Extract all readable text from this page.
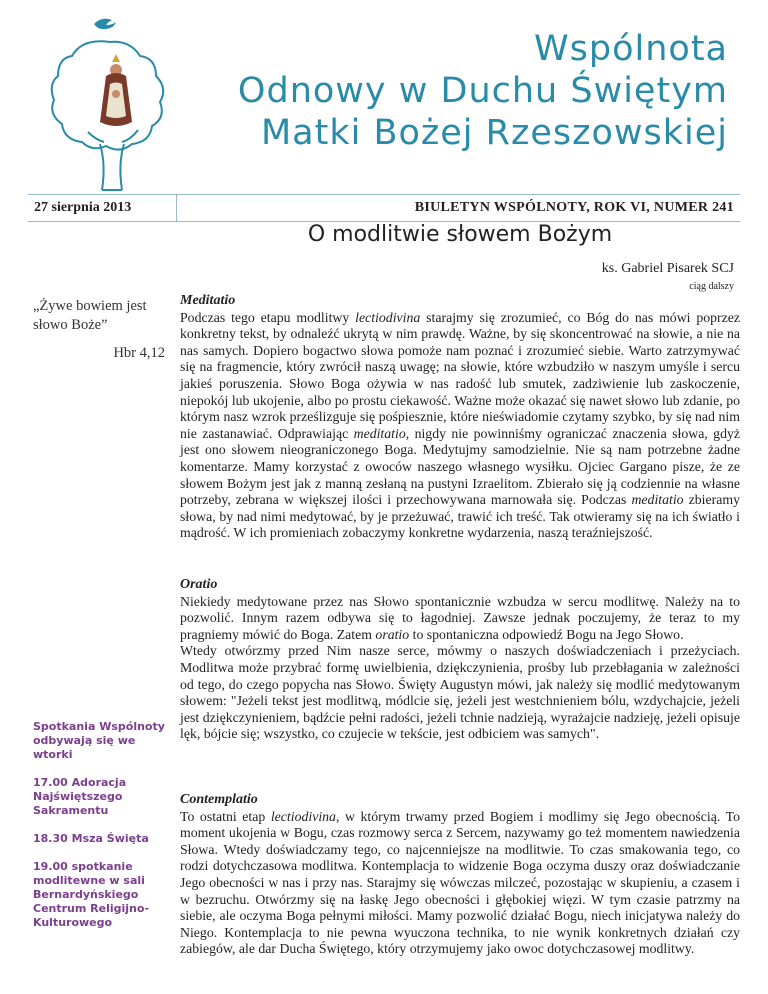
Wspólnota
Odnowy w Duchu Świętym
Matki Bożej Rzeszowskiej
27 sierpnia 2013	BIULETYN WSPÓLNOTY, ROK VI, NUMER 241
O modlitwie słowem Bożym
ks. Gabriel Pisarek SCJ
ciąg dalszy
„Żywe bowiem jest słowo Boże”
Hbr 4,12

Spotkania Wspólnoty odbywają się we wtorki

17.00 Adoracja Najświętszego Sakramentu

18.30 Msza Święta

19.00 spotkanie modlitewne w sali Bernardyńskiego Centrum Religijno-Kulturowego

Meditatio

Podczas tego etapu modlitwy lectiodivina starajmy się zrozumieć, co Bóg do nas mówi poprzez konkretny tekst, by odnaleźć ukrytą w nim prawdę. Ważne, by się skoncentrować na słowie, a nie na nas samych. Dopiero bogactwo słowa pomoże nam poznać i zrozumieć siebie. Warto zatrzymywać się na fragmencie, który zwrócił naszą uwagę; na słowie, które wzbudziło w naszym umyśle i sercu jakieś poruszenia. Słowo Boga ożywia w nas radość lub smutek, zadziwienie lub zaskoczenie, niepokój lub ukojenie, albo po prostu ciekawość. Ważne może okazać się nawet słowo lub zdanie, po którym nasz wzrok prześlizguje się pośpiesznie, które nieświadomie czytamy szybko, by się nad nim nie zastanawiać. Odprawiając meditatio, nigdy nie powinniśmy ograniczać znaczenia słowa, gdyż jest ono słowem nieograniczonego Boga. Medytujmy samodzielnie. Nie są nam potrzebne żadne komentarze. Mamy korzystać z owoców naszego własnego wysiłku. Ojciec Gargano pisze, że ze słowem Bożym jest jak z manną zesłaną na pustyni Izraelitom. Zbierało się ją codziennie na własne potrzeby, zebrana w większej ilości i przechowywana marnowała się. Podczas meditatio zbieramy słowa, by nad nimi medytować, by je przeżuwać, trawić ich treść. Tak otwieramy się na ich światło i mądrość. W ich promieniach zobaczymy konkretne wydarzenia, naszą teraźniejszość.

Oratio

Niekiedy medytowane przez nas Słowo spontanicznie wzbudza w sercu modlitwę. Należy na to pozwolić. Innym razem odbywa się to łagodniej. Zawsze jednak poczujemy, że teraz to my pragniemy mówić do Boga. Zatem oratio to spontaniczna odpowiedź Bogu na Jego Słowo.

Wtedy otwórzmy przed Nim nasze serce, mówmy o naszych doświadczeniach i przeżyciach. Modlitwa może przybrać formę uwielbienia, dziękczynienia, prośby lub przebłagania w zależności od tego, do czego popycha nas Słowo. Święty Augustyn mówi, jak należy się modlić medytowanym słowem: "Jeżeli tekst jest modlitwą, módlcie się, jeżeli jest westchnieniem bólu, wzdychajcie, jeżeli jest dziękczynieniem, bądźcie pełni radości, jeżeli tchnie nadzieją, wyrażajcie nadzieję, jeżeli opisuje lęk, bójcie się; wszystko, co czujecie w tekście, jest odbiciem was samych".

Contemplatio

To ostatni etap lectiodivina, w którym trwamy przed Bogiem i modlimy się Jego obecnością. To moment ukojenia w Bogu, czas rozmowy serca z Sercem, nazywamy go też momentem nawiedzenia Słowa. Wtedy doświadczamy tego, co najcenniejsze na modlitwie. To czas smakowania tego, co rodzi dotychczasowa modlitwa. Kontemplacja to widzenie Boga oczyma duszy oraz doświadczanie Jego obecności w nas i przy nas. Starajmy się wówczas milczeć, pozostając w skupieniu, a czasem i w bezruchu. Otwórzmy się na łaskę Jego obecności i głębokiej więzi. W tym czasie patrzmy na siebie, ale oczyma Boga pełnymi miłości. Mamy pozwolić działać Bogu, niech inicjatywa należy do Niego. Kontemplacja to nie pewna wyuczona technika, to nie wynik konkretnych działań czy zabiegów, ale dar Ducha Świętego, który otrzymujemy jako owoc dotychczasowej modlitwy.
